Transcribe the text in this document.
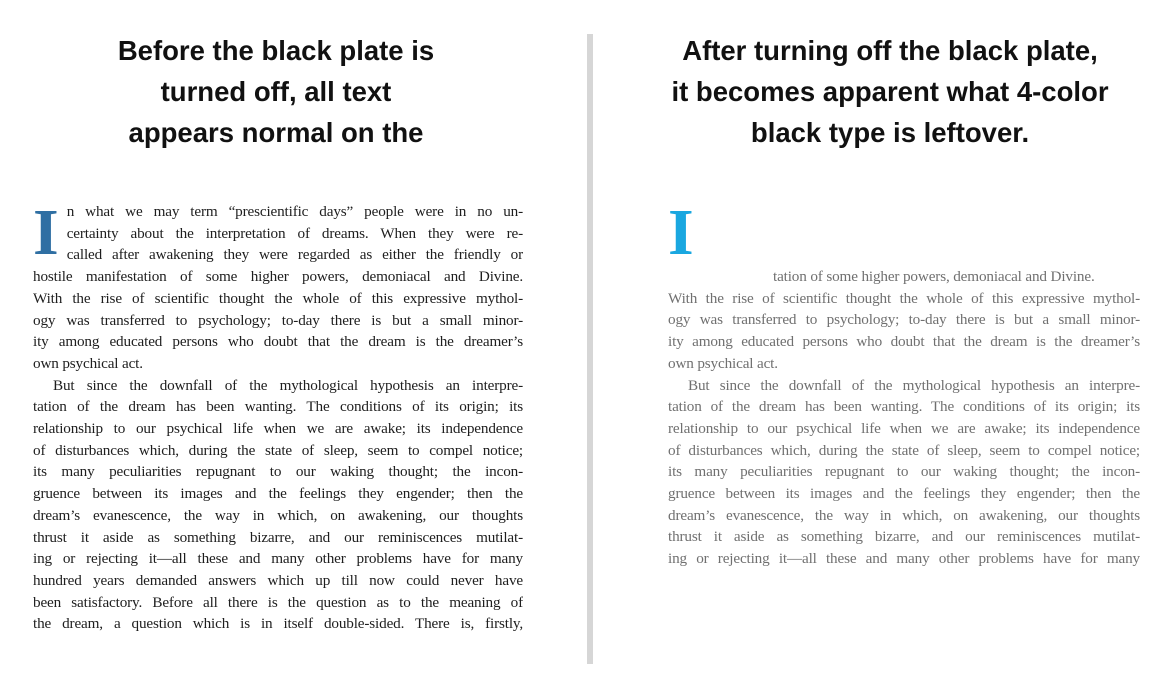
Before the black plate is
turned off, all text
appears normal on the
After turning off the black plate,
it becomes apparent what 4-color
black type is leftover.
I n what we may term “prescientific days” people were in no un-
certainty about the interpretation of dreams. When they were re-
called after awakening they were regarded as either the friendly or
hostile manifestation of some higher powers, demoniacal and Divine.
With the rise of scientific thought the whole of this expressive mythol-
ogy was transferred to psychology; to-day there is but a small minor-
ity among educated persons who doubt that the dream is the dreamer’s
own psychical act.
But since the downfall of the mythological hypothesis an interpre-
tation of the dream has been wanting. The conditions of its origin; its
relationship to our psychical life when we are awake; its independence
of disturbances which, during the state of sleep, seem to compel notice;
its many peculiarities repugnant to our waking thought; the incon-
gruence between its images and the feelings they engender; then the
dream’s evanescence, the way in which, on awakening, our thoughts
thrust it aside as something bizarre, and our reminiscences mutilat-
ing or rejecting it—all these and many other problems have for many
hundred years demanded answers which up till now could never have
been satisfactory. Before all there is the question as to the meaning of
the dream, a question which is in itself double-sided. There is, firstly,
I
tation of some higher powers, demoniacal and Divine.
With the rise of scientific thought the whole of this expressive mythol-
ogy was transferred to psychology; to-day there is but a small minor-
ity among educated persons who doubt that the dream is the dreamer’s
own psychical act.
But since the downfall of the mythological hypothesis an interpre-
tation of the dream has been wanting. The conditions of its origin; its
relationship to our psychical life when we are awake; its independence
of disturbances which, during the state of sleep, seem to compel notice;
its many peculiarities repugnant to our waking thought; the incon-
gruence between its images and the feelings they engender; then the
dream’s evanescence, the way in which, on awakening, our thoughts
thrust it aside as something bizarre, and our reminiscences mutilat-
ing or rejecting it—all these and many other problems have for many
